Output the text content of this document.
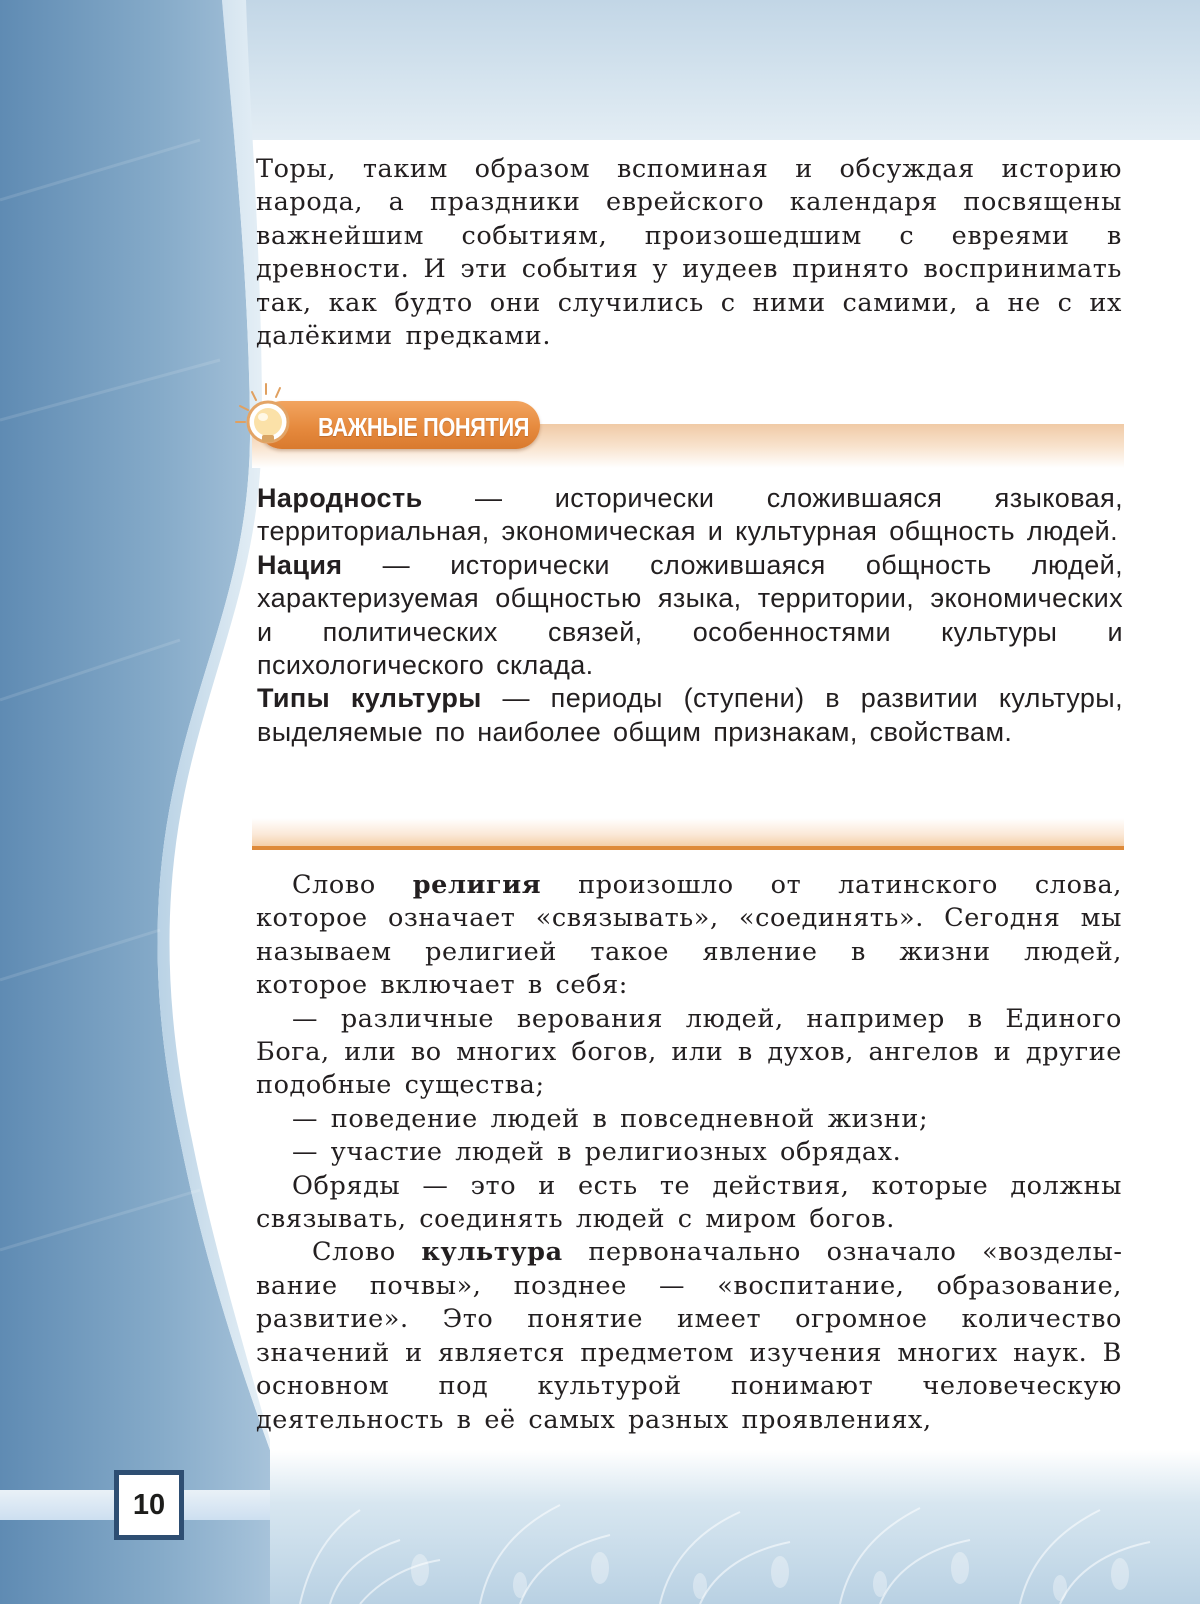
10

Торы, таким образом вспоминая и обсуждая историю народа, а праздники еврейского календаря посвящены важнейшим событиям, произошедшим с евреями в древности. И эти события у иудеев принято воспринимать так, как будто они случились с ними самими, а не с их далёкими предками.

ВАЖНЫЕ ПОНЯТИЯ

Народность — исторически сложившаяся языковая, территориальная, экономическая и культурная общность людей.

Нация — исторически сложившаяся общность людей, характеризуемая общностью языка, территории, экономических и политических связей, особенностями культуры и психологического склада.

Типы культуры — периоды (ступени) в развитии культуры, выделяемые по наиболее общим признакам, свойствам.

Слово религия произошло от латинского слова, которое означает «связывать», «соединять». Сегодня мы называем религией такое явление в жизни людей, которое включает в себя:

— различные верования людей, например в Единого Бога, или во многих богов, или в духов, ангелов и другие подобные существа;

— поведение людей в повседневной жизни;

— участие людей в религиозных обрядах.

Обряды — это и есть те действия, которые должны связывать, соединять людей с миром богов.

Слово культура первоначально означало «возделывание почвы», позднее — «воспитание, образование, развитие». Это понятие имеет огромное количество значений и является предметом изучения многих наук. В основном под культурой понимают человеческую деятельность в её самых разных проявлениях,
